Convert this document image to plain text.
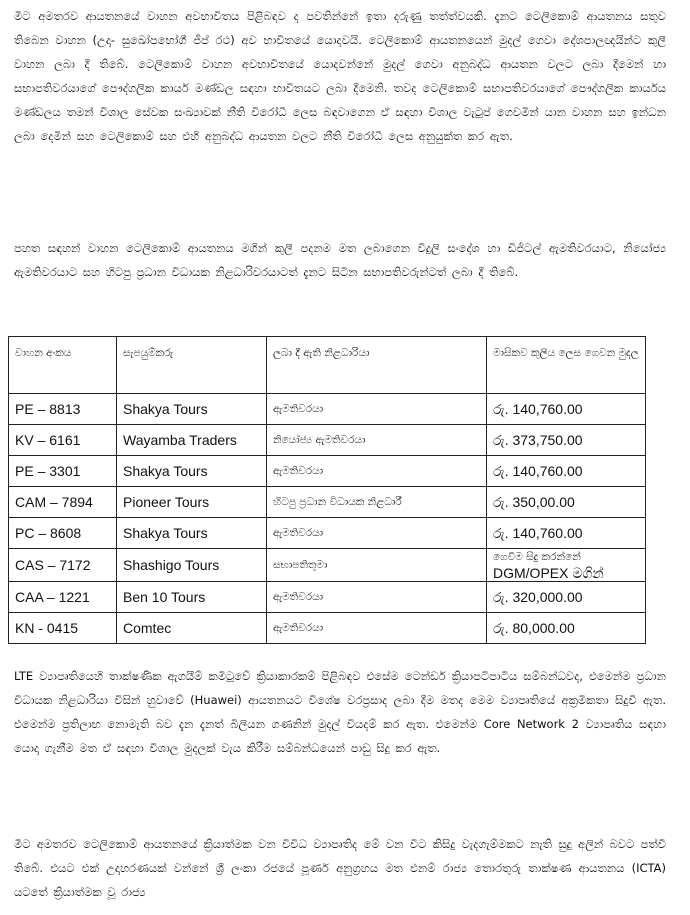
මීට අමතරව ආයතනයේ වාහන අවභාවිතය පිළිබඳව ද පවතින්නේ ඉතා දරුණු තත්ත්වයකි. දැනට ටෙලිකොම් ආයතනය සතුව තිබෙන වාහන (උදා- සුඛෝපභෝගී ජීප් රථ) අව භාවිතයේ යොදවයි. ටෙලිකොම් ආයතනයෙන් මුදල් ගෙවා දේශපාලඥයින්ට කුලී වාහන ලබා දී තිබේ. ටෙලිකොම් වාහන අවභාවිතයේ යොදවන්නේ මුදල් ගෙවා අනුබද්ධ ආයතන වලට ලබා දීමෙන් හා සභාපතිවරයාගේ පෞද්ගලික කාර්ය මණ්ඩල සඳහා භාවිතයට ලබා දීමෙනි. තවද ටෙලිකොම් සභාපතිවරයාගේ පෞද්ගලික කාර්යය මණ්ඩලය තමන් විශාල සේවක සංඛ්‍යාවක් නීති විරෝධී ලෙස බඳවාගෙන ඒ සඳහා විශාල වැටුප් ගෙවමින් යාන වාහන සහ ඉන්ධන ලබා දෙමින් සහ ටෙලිකොම් සහ එහි අනුබද්ධ ආයතන වලට නීති විරෝධී ලෙස අනුයුක්ත කර ඇත.

පහත සඳහන් වාහන ටෙලිකොම් ආයතනය මගින් කුලී පදනම මත ලබාගෙන විදුලි සංදේශ හා ඩිජිටල් ඇමතිවරයාට, නියෝජ්‍ය ඇමතිවරයාට සහ හිටපු ප්‍රධාන විධායක නිළධාරිවරයාටත් දැනට සිටින සභාපතිවරුන්ටත් ලබා දී තිබේ.

වාහන අංකය	සැපයුම්කරු	ලබා දී ඇති නිළධාරියා	මාසිකව කුලිය ලෙස ගෙවන මුදල
PE – 8813	Shakya Tours	ඇමතිවරයා	රු. 140,760.00
KV – 6161	Wayamba Traders	නියෝජ්‍ය ඇමතිවරයා	රු. 373,750.00
PE – 3301	Shakya Tours	ඇමතිවරයා	රු. 140,760.00
CAM – 7894	Pioneer Tours	හිටපු ප්‍රධාන විධායක නිළධාරී	රු. 350,00.00
PC – 8608	Shakya Tours	ඇමතිවරයා	රු. 140,760.00
CAS – 7172	Shashigo Tours	සභාපතිතුමා	ගෙවීම සිදු කරන්නේ
DGM/OPEX මගින්

CAA – 1221	Ben 10 Tours	ඇමතිවරයා	රු. 320,000.00
KN - 0415	Comtec	ඇමතිවරයා	රු. 80,000.00

LTE ව්‍යාපෘතියෙහි තාක්ෂණික ඇගයීම් කමිටුවේ ක්‍රියාකාරකම් පිළිබඳව එසේම ටෙන්ඩර් ක්‍රියාපටිපාටිය සම්බන්ධවද, එමෙන්ම ප්‍රධාන විධායක නිළධාරියා විසින් හුවාවේ (Huawei) ආයතනයට විශේෂ වරප්‍රසාද ලබා දීම මතද මෙම ව්‍යාපෘතියේ අක්‍රමිකතා සිදුවී ඇත. එමෙන්ම ප්‍රතිලාභ නොමැති බව දැන දැනත් බිලියන ගණනින් මුදල් වියදම් කර ඇත. එමෙන්ම Core Network 2 ව්‍යාපෘතිය සඳහා යොදා ගැනීම මත ඒ සඳහා විශාල මුදලක් වැය කිරීම සම්බන්ධයෙන් පාඩු සිදු කර ඇත.

මීට අමතරව ටෙලිකොම් ආයතනයේ ක්‍රියාත්මක වන විවිධ ව්‍යාපෘතිද මේ වන විට කිසිදු වැදගැම්මකට නැති සුදු අලින් බවට පත්වී තිබේ. එයට එක් උදාහරණයක් වන්නේ ශ්‍රී ලංකා රජයේ පූර්ණ අනුග්‍රහය මත එනම් රාජ්‍ය තොරතුරු තාක්ෂණ ආයතනය (ICTA) යටතේ ක්‍රියාත්මක වූ රාජ්‍ය
